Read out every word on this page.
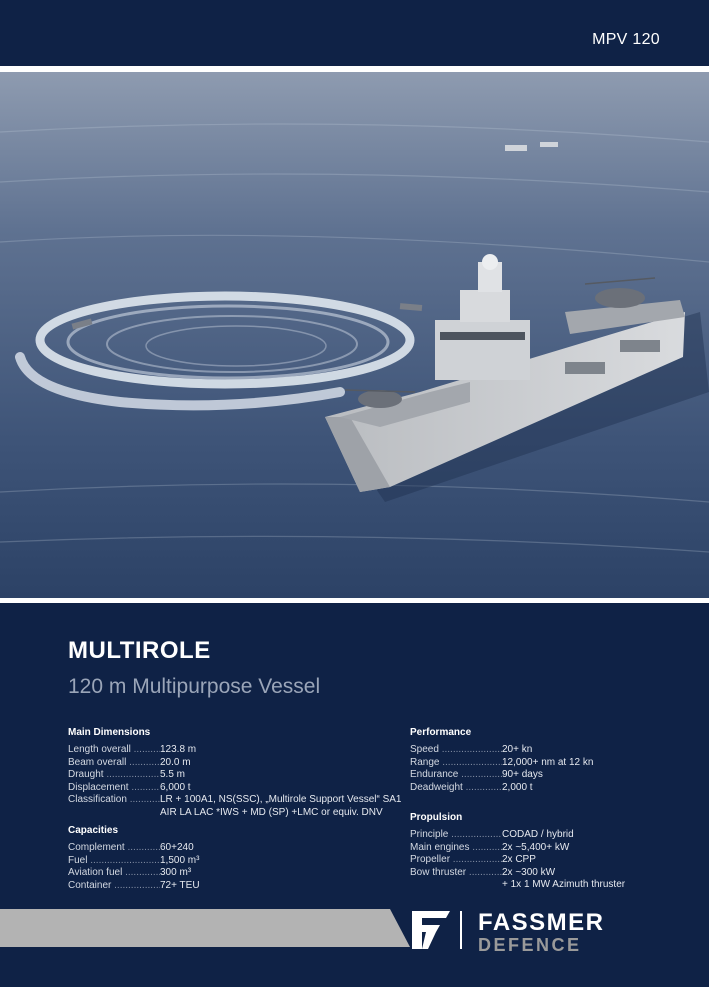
MPV 120
MULTIROLE
120 m Multipurpose Vessel
Main Dimensions
Length overall .....	123.8 m
Beam overall .....	20.0 m
Draught .....	5.5 m
Displacement .....	6,000 t
Classification .....	LR + 100A1, NS(SSC), „Multirole Support Vessel“ SA1
AIR LA LAC *IWS + MD (SP) +LMC or equiv. DNV
Capacities
Complement .....	60+240
Fuel .....	1,500 m³
Aviation fuel .....	300 m³
Container .....	72+ TEU
Performance
Speed .....	20+ kn
Range .....	12,000+ nm at 12 kn
Endurance .....	90+ days
Deadweight .....	2,000 t
Propulsion
Principle .....	CODAD / hybrid
Main engines .....	2x ~5,400+ kW
Propeller .....	2x CPP
Bow thruster .....	2x ~300 kW
+ 1x 1 MW Azimuth thruster
FASSMER
DEFENCE
